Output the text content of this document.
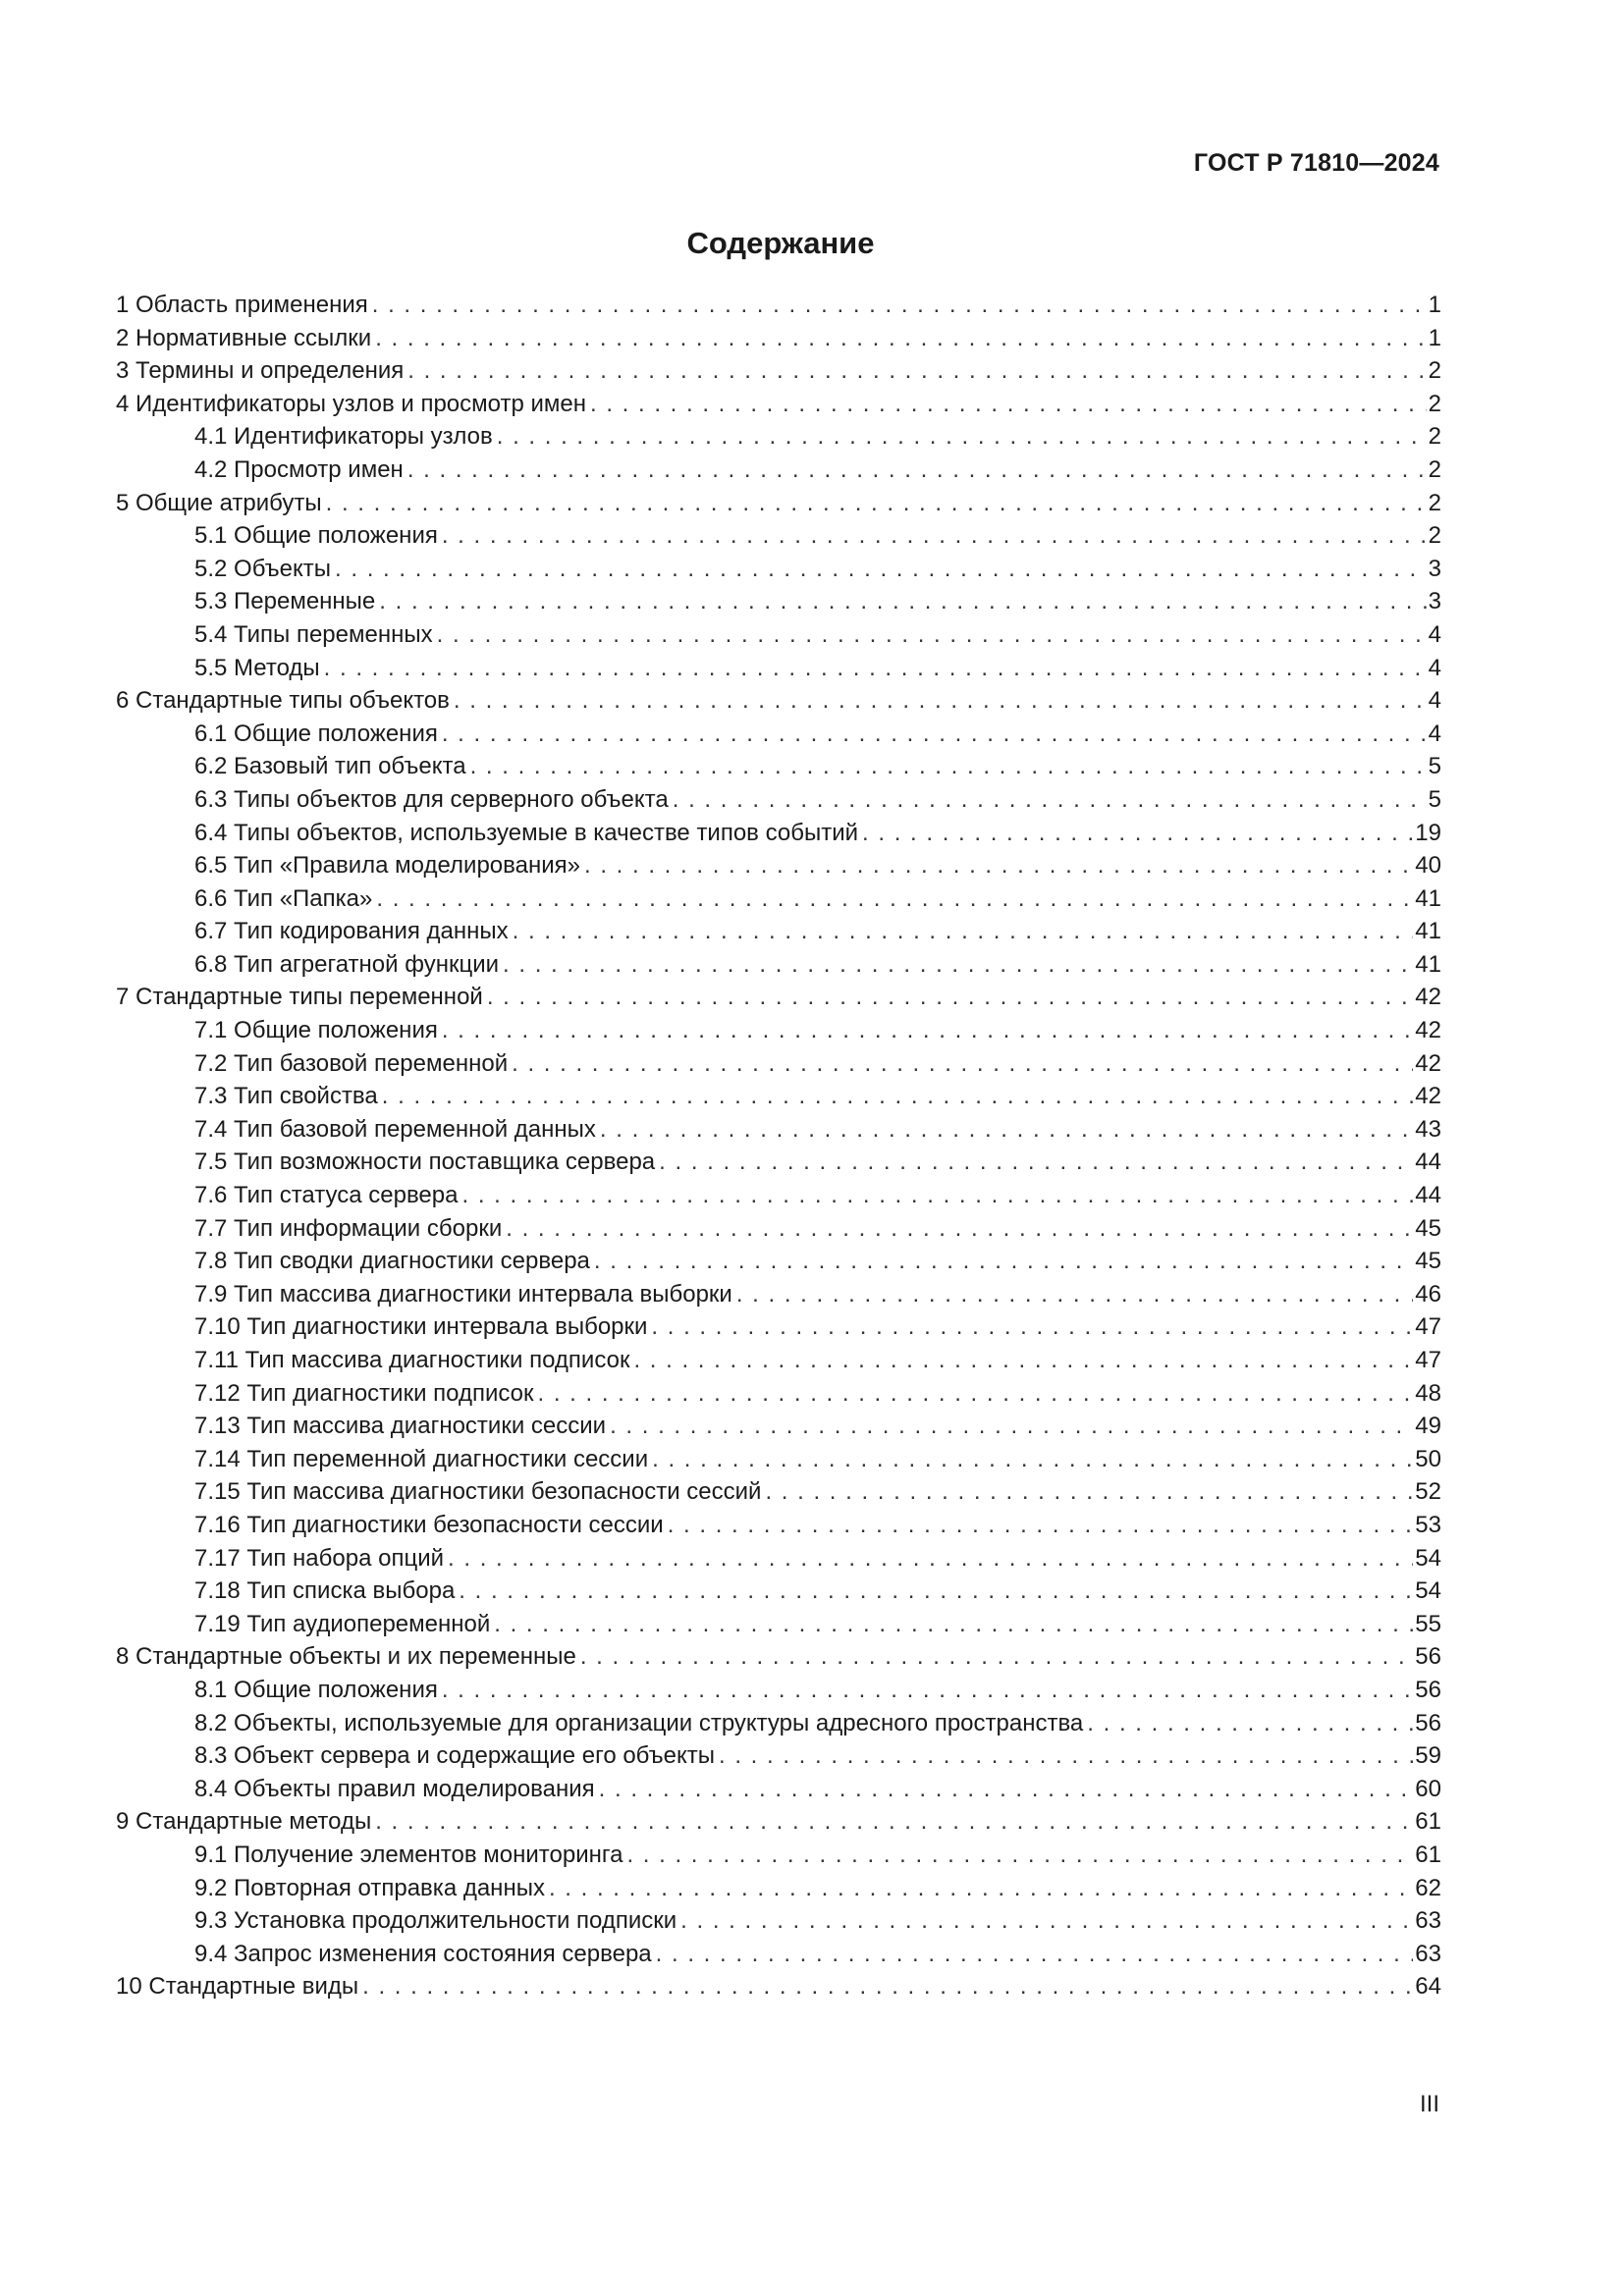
ГОСТ Р 71810—2024
Содержание
1 Область применения . . .	1
2 Нормативные ссылки . . .	1
3 Термины и определения . . .	2
4 Идентификаторы узлов и просмотр имен . . .	2
4.1 Идентификаторы узлов . . .	2
4.2 Просмотр имен . . .	2
5 Общие атрибуты . . .	2
5.1 Общие положения . . .	2
5.2 Объекты . . .	3
5.3 Переменные . . .	3
5.4 Типы переменных . . .	4
5.5 Методы . . .	4
6 Стандартные типы объектов . . .	4
6.1 Общие положения . . .	4
6.2 Базовый тип объекта . . .	5
6.3 Типы объектов для серверного объекта . . .	5
6.4 Типы объектов, используемые в качестве типов событий . . .	19
6.5 Тип «Правила моделирования» . . .	40
6.6 Тип «Папка» . . .	41
6.7 Тип кодирования данных . . .	41
6.8 Тип агрегатной функции . . .	41
7 Стандартные типы переменной . . .	42
7.1 Общие положения . . .	42
7.2 Тип базовой переменной . . .	42
7.3 Тип свойства . . .	42
7.4 Тип базовой переменной данных . . .	43
7.5 Тип возможности поставщика сервера . . .	44
7.6 Тип статуса сервера . . .	44
7.7 Тип информации сборки . . .	45
7.8 Тип сводки диагностики сервера . . .	45
7.9 Тип массива диагностики интервала выборки . . .	46
7.10 Тип диагностики интервала выборки . . .	47
7.11 Тип массива диагностики подписок . . .	47
7.12 Тип диагностики подписок . . .	48
7.13 Тип массива диагностики сессии . . .	49
7.14 Тип переменной диагностики сессии . . .	50
7.15 Тип массива диагностики безопасности сессий . . .	52
7.16 Тип диагностики безопасности сессии . . .	53
7.17 Тип набора опций . . .	54
7.18 Тип списка выбора . . .	54
7.19 Тип аудиопеременной . . .	55
8 Стандартные объекты и их переменные . . .	56
8.1 Общие положения . . .	56
8.2 Объекты, используемые для организации структуры адресного пространства . . .	56
8.3 Объект сервера и содержащие его объекты . . .	59
8.4 Объекты правил моделирования . . .	60
9 Стандартные методы . . .	61
9.1 Получение элементов мониторинга . . .	61
9.2 Повторная отправка данных . . .	62
9.3 Установка продолжительности подписки . . .	63
9.4 Запрос изменения состояния сервера . . .	63
10 Стандартные виды . . .	64
III
